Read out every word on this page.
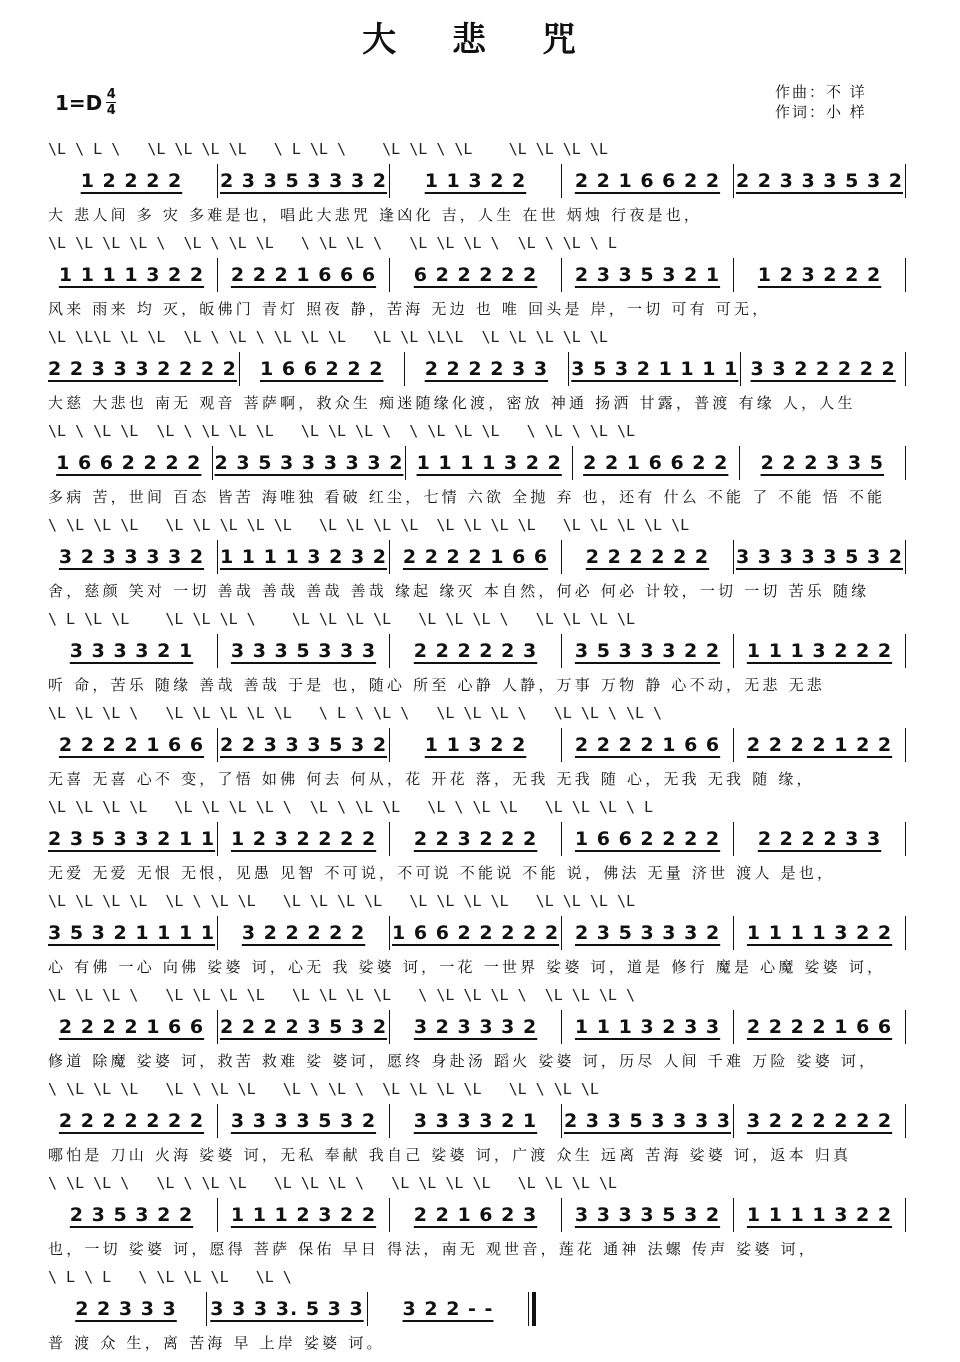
大 悲 咒
1=D 4
4
作曲：不 详
作词：小 样
\L \ L \   \L \L \L \L   \ L \L \    \L \L \ \L    \L \L \L \L
1 2 2 2 2	2 3 3 5 3 3 3 2	1 1 3 2 2	2 2 1 6 6 2 2 2 2 3 3 3 5 3 2
大 悲人间 多 灾 多难是也，唱此大悲咒 逢凶化 吉，人生 在世 炳烛 行夜是也，
\L \L \L \L \  \L \ \L \L   \ \L \L \   \L \L \L \  \L \ \L \ L
1 1 1 1 3 2 2	2 2 2 1 6 6 6	6 2 2 2 2 2	2 3 3 5 3 2 1	1 2 3 2 2 2
风来 雨来 均 灭，皈佛门 青灯 照夜 静，苦海 无边 也 唯 回头是 岸，一切 可有 可无，
\L \L\L \L \L  \L \ \L \ \L \L \L   \L \L \L\L  \L \L \L \L \L
2 2 3 3 3 2 2 2 2	1 6 6 2 2 2	2 2 2 2 3 3	3 5 3 2 1 1 1 1 3 3 2 2 2 2 2
大慈 大悲也 南无 观音 菩萨啊，救众生 痴迷随缘化渡，密放 神通 扬洒 甘露，普渡 有缘 人，人生
\L \ \L \L  \L \ \L \L \L   \L \L \L \  \ \L \L \L   \ \L \ \L \L
1 6 6 2 2 2 2 2 3 5 3 3 3 3 3 2 1 1 1 1 3 2 2	2 2 1 6 6 2 2	2 2 2 3 3 5
多病 苦，世间 百态 皆苦 海唯独 看破 红尘，七情 六欲 全抛 弃 也，还有 什么 不能 了 不能 悟 不能
\ \L \L \L   \L \L \L \L \L   \L \L \L \L  \L \L \L \L   \L \L \L \L \L
3 2 3 3 3 3 2 1 1 1 1 3 2 3 2 2 2 2 2 1 6 6	2 2 2 2 2 2	3 3 3 3 3 5 3 2
舍，慈颜 笑对 一切 善哉 善哉 善哉 善哉 缘起 缘灭 本自然，何必 何必 计较，一切 一切 苦乐 随缘
\ L \L \L    \L \L \L \    \L \L \L \L   \L \L \L \   \L \L \L \L
3 3 3 3 2 1	3 3 3 5 3 3 3	2 2 2 2 2 3	3 5 3 3 3 2 2	1 1 1 3 2 2 2
听 命，苦乐 随缘 善哉 善哉 于是 也，随心 所至 心静 人静，万事 万物 静 心不动，无悲 无悲
\L \L \L \   \L \L \L \L \L   \ L \ \L \   \L \L \L \   \L \L \ \L \
2 2 2 2 1 6 6 2 2 3 3 3 5 3 2	1 1 3 2 2	2 2 2 2 1 6 6	2 2 2 2 1 2 2
无喜 无喜 心不 变，了悟 如佛 何去 何从，花 开花 落，无我 无我 随 心，无我 无我 随 缘，
\L \L \L \L   \L \L \L \L \  \L \ \L \L   \L \ \L \L   \L \L \L \ L
2 3 5 3 3 2 1 1 1 2 3 2 2 2 2	2 2 3 2 2 2	1 6 6 2 2 2 2	2 2 2 2 3 3
无爱 无爱 无恨 无恨，见愚 见智 不可说，不可说 不能说 不能 说，佛法 无量 济世 渡人 是也，
\L \L \L \L  \L \ \L \L   \L \L \L \L   \L \L \L \L   \L \L \L \L
3 5 3 2 1 1 1 1	3 2 2 2 2 2	1 6 6 2 2 2 2 2 2 3 5 3 3 3 2	1 1 1 1 3 2 2
心 有佛 一心 向佛 娑婆 诃，心无 我 娑婆 诃，一花 一世界 娑婆 诃，道是 修行 魔是 心魔 娑婆 诃，
\L \L \L \   \L \L \L \L   \L \L \L \L   \ \L \L \L \  \L \L \L \
2 2 2 2 1 6 6 2 2 2 2 3 5 3 2	3 2 3 3 3 2	1 1 1 3 2 3 3	2 2 2 2 1 6 6
修道 除魔 娑婆 诃，救苦 救难 娑 婆诃，愿终 身赴汤 蹈火 娑婆 诃，历尽 人间 千难 万险 娑婆 诃，
\ \L \L \L   \L \ \L \L   \L \ \L \  \L \L \L \L   \L \ \L \L
2 2 2 2 2 2 2	3 3 3 3 5 3 2	3 3 3 3 2 1	2 3 3 5 3 3 3 3 3 2 2 2 2 2 2
哪怕是 刀山 火海 娑婆 诃，无私 奉献 我自己 娑婆 诃，广渡 众生 远离 苦海 娑婆 诃，返本 归真
\ \L \L \   \L \ \L \L   \L \L \L \   \L \L \L \L   \L \L \L \L
2 3 5 3 2 2	1 1 1 2 3 2 2	2 2 1 6 2 3	3 3 3 3 5 3 2	1 1 1 1 3 2 2
也，一切 娑婆 诃，愿得 菩萨 保佑 早日 得法，南无 观世音，莲花 通神 法螺 传声 娑婆 诃，
\ L \ L   \ \L \L \L   \L \
2 2 3 3 3	3 3 3 3. 5 3 3	3 2 2 - -
普 渡 众 生，离 苦海 早 上岸 娑婆 诃。
